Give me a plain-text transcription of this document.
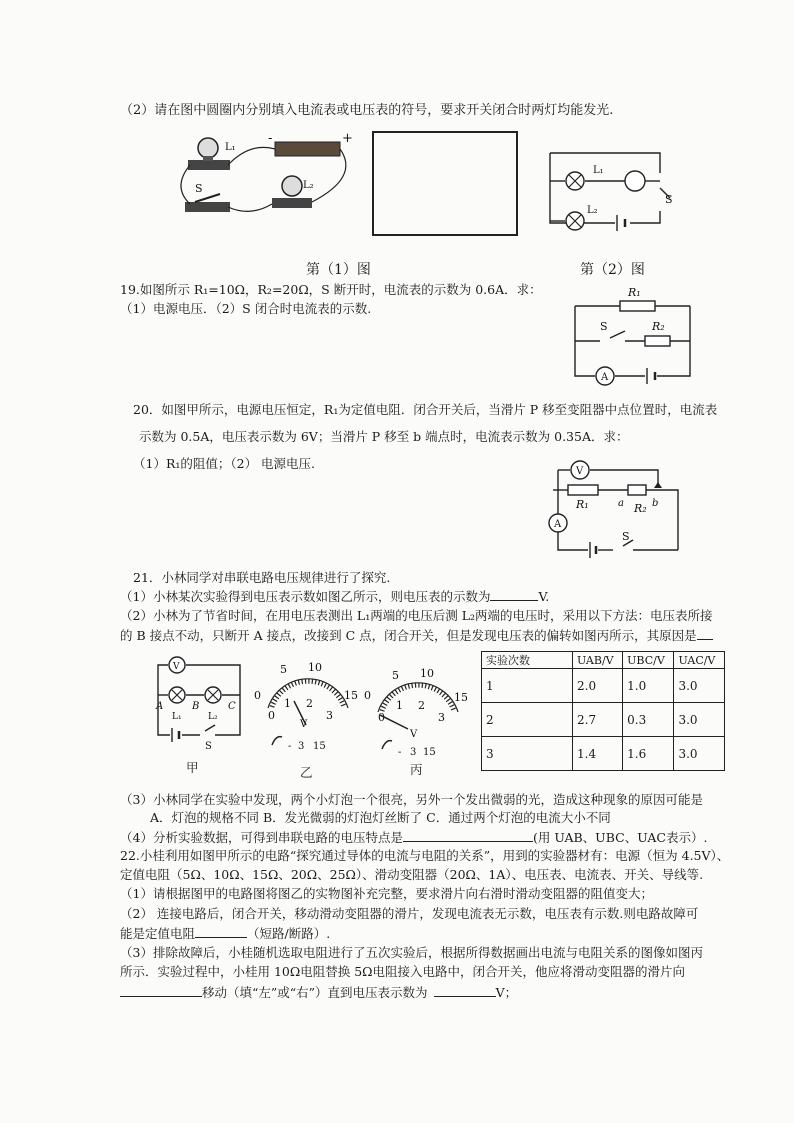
（2）请在图中圆圈内分别填入电流表或电压表的符号，要求开关闭合时两灯均能发光.
L₁
-	+
S	L₂
L₁
L₂
S
第（1）图	第（2）图
19.如图所示 R₁=10Ω，R₂=20Ω，S 断开时，电流表的示数为 0.6A．求：
（1）电源电压．（2）S 闭合时电流表的示数.
R₁
R₂
S
A
20．如图甲所示，电源电压恒定，R₁为定值电阻．闭合开关后，当滑片 P 移至变阻器中点位置时，电流表
示数为 0.5A，电压表示数为 6V；当滑片 P 移至 b 端点时，电流表示数为 0.35A．求：
（1）R₁的阻值；（2） 电源电压.
V
R₁	a R₂ b
A
S
21．小林同学对串联电路电压规律进行了探究.
（1）小林某次实验得到电压表示数如图乙所示，则电压表的示数为	V.
（2）小林为了节省时间，在用电压表测出 L₁两端的电压后测 L₂两端的电压时，采用以下方法：电压表所接
的 B 接点不动，只断开 A 接点，改接到 C 点，闭合开关，但是发现电压表的偏转如图丙所示，其原因是
V
A	B	C
L₁	L₂
S
0
5 10
15
0
1 2
3
V
- 3 15
0
5 10
15
0
1 2
3
V
- 3 15
甲	乙	丙
实验次数	UAB/V	UBC/V	UAC/V
1	2.0	1.0	3.0
2	2.7	0.3	3.0
3	1.4	1.6	3.0
（3）小林同学在实验中发现，两个小灯泡一个很亮，另外一个发出微弱的光，造成这种现象的原因可能是
A．灯泡的规格不同 B．发光微弱的灯泡灯丝断了 C．通过两个灯泡的电流大小不同
（4）分析实验数据，可得到串联电路的电压特点是	(用 UAB、UBC、UAC表示）.
22.小桂利用如图甲所示的电路“探究通过导体的电流与电阻的关系”，用到的实验器材有：电源（恒为 4.5V）、
定值电阻（5Ω、10Ω、15Ω、20Ω、25Ω）、滑动变阻器（20Ω、1A）、电压表、电流表、开关、导线等.
（1）请根据图甲的电路图将图乙的实物图补充完整，要求滑片向右滑时滑动变阻器的阻值变大；
（2） 连接电路后，闭合开关，移动滑动变阻器的滑片，发现电流表无示数，电压表有示数.则电路故障可
能是定值电阻	（短路/断路）.
（3）排除故障后，小桂随机选取电阻进行了五次实验后，根据所得数据画出电流与电阻关系的图像如图丙
所示．实验过程中，小桂用 10Ω电阻替换 5Ω电阻接入电路中，闭合开关，他应将滑动变阻器的滑片向
移动（填“左”或“右”）直到电压表示数为	V；
